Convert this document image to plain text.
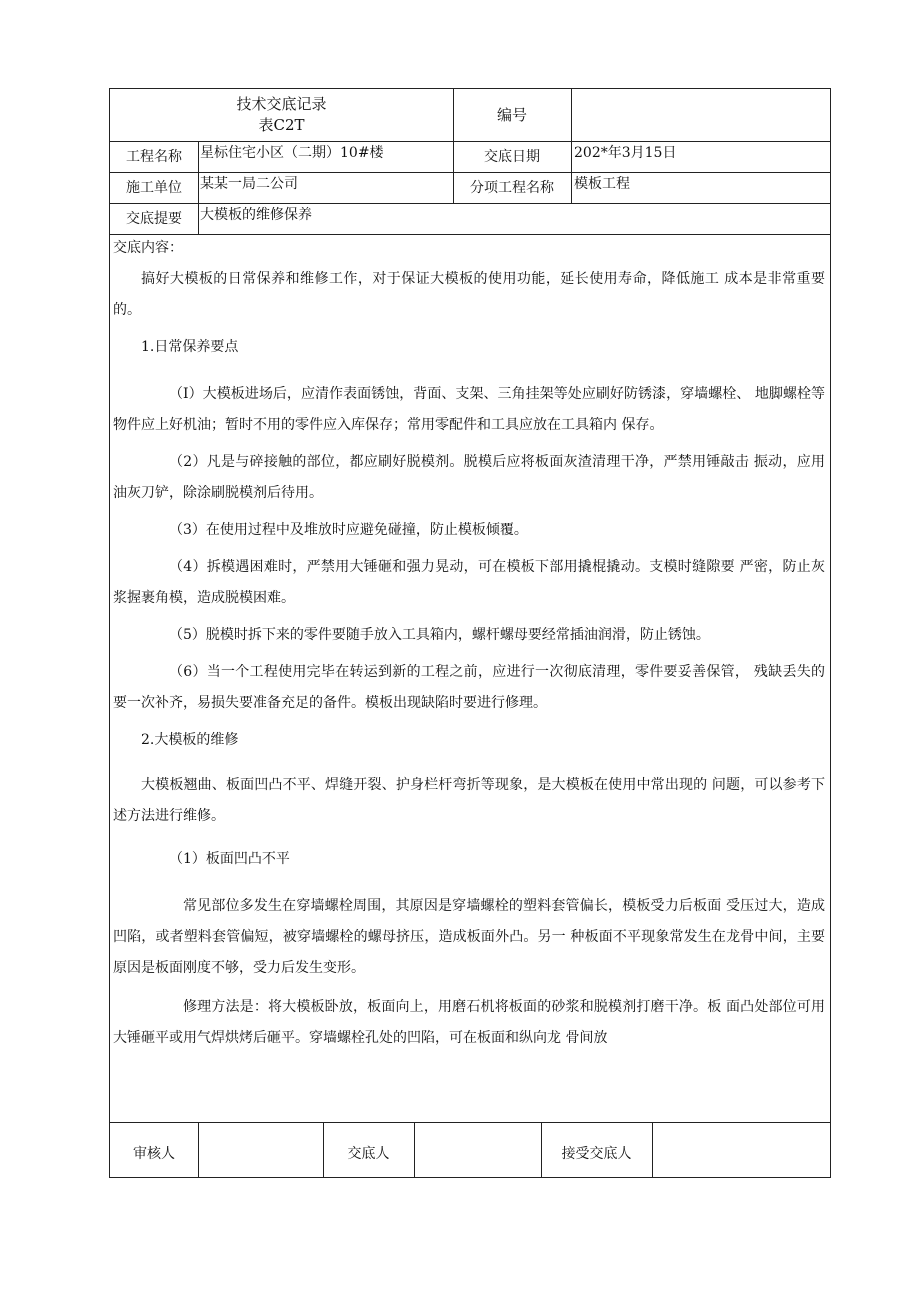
技术交底记录
表C2T
编号
工程名称	星标住宅小区（二期）10#楼	交底日期	202*年3月15日
施工单位	某某一局二公司	分项工程名称	模板工程
交底提要	大模板的维修保养

交底内容：

搞好大模板的日常保养和维修工作，对于保证大模板的使用功能，延长使用寿命，降低施工 成本是非常重要的。

1.日常保养要点

（I）大模板进场后，应清作表面锈蚀，背面、支架、三角挂架等处应刷好防锈漆，穿墙螺栓、 地脚螺栓等物件应上好机油；暂时不用的零件应入库保存；常用零配件和工具应放在工具箱内 保存。

（2）凡是与碎接触的部位，都应刷好脱模剂。脱模后应将板面灰渣清理干净，严禁用锤敲击 振动，应用油灰刀铲，除涂刷脱模剂后待用。

（3）在使用过程中及堆放时应避免碰撞，防止模板倾覆。

（4）拆模遇困难时，严禁用大锤砸和强力晃动，可在模板下部用撬棍撬动。支模时缝隙要 严密，防止灰浆握裹角模，造成脱模困难。

（5）脱模时拆下来的零件要随手放入工具箱内，螺杆螺母要经常插油润滑，防止锈蚀。

（6）当一个工程使用完毕在转运到新的工程之前，应进行一次彻底清理，零件要妥善保管， 残缺丢失的要一次补齐，易损失要准备充足的备件。模板出现缺陷时要进行修理。

2.大模板的维修

大模板翘曲、板面凹凸不平、焊缝开裂、护身栏杆弯折等现象，是大模板在使用中常出现的 问题，可以参考下述方法进行维修。

（1）板面凹凸不平

常见部位多发生在穿墙螺栓周围，其原因是穿墙螺栓的塑料套管偏长，模板受力后板面 受压过大，造成凹陷，或者塑料套管偏短，被穿墙螺栓的螺母挤压，造成板面外凸。另一 种板面不平现象常发生在龙骨中间，主要原因是板面刚度不够，受力后发生变形。

修理方法是：将大模板卧放，板面向上，用磨石机将板面的砂浆和脱模剂打磨干净。板 面凸处部位可用大锤砸平或用气焊烘烤后砸平。穿墙螺栓孔处的凹陷，可在板面和纵向龙 骨间放

审核人	交底人	接受交底人
